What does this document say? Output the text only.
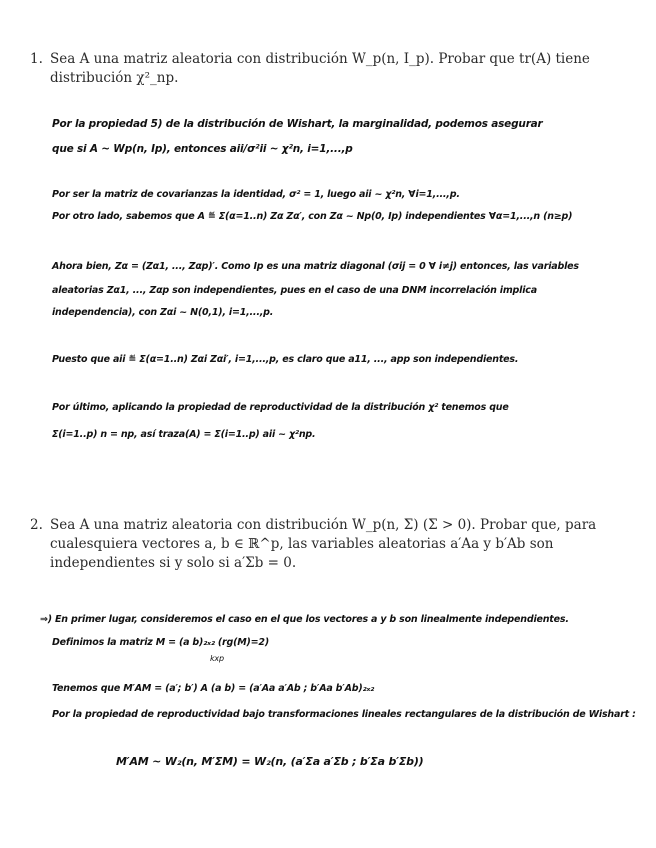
1. Sea A una matriz aleatoria con distribución W_p(n, I_p). Probar que tr(A) tiene distribución χ²_np.
Por la propiedad 5) de la distribución de Wishart, la marginalidad, podemos asegurar
que si A ~ Wp(n, Ip), entonces aii/σ²ii ~ χ²n, i=1,...,p
Por ser la matriz de covarianzas la identidad, σ² = 1, luego aii ~ χ²n, ∀i=1,...,p.
Por otro lado, sabemos que A ≝ Σ(α=1..n) Zα Zα′, con Zα ~ Np(0, Ip) independientes ∀α=1,...,n (n≥p)
Ahora bien, Zα = (Zα1, ..., Zαp)′. Como Ip es una matriz diagonal (σij = 0 ∀ i≠j) entonces, las variables
aleatorias Zα1, ..., Zαp son independientes, pues en el caso de una DNM incorrelación implica
independencia), con Zαi ~ N(0,1), i=1,...,p.
Puesto que aii ≝ Σ(α=1..n) Zαi Zαi′, i=1,...,p, es claro que a11, ..., app son independientes.
Por último, aplicando la propiedad de reproductividad de la distribución χ² tenemos que
Σ(i=1..p) n = np, así traza(A) = Σ(i=1..p) aii ~ χ²np.
2. Sea A una matriz aleatoria con distribución W_p(n, Σ) (Σ > 0). Probar que, para cualesquiera vectores a, b ∈ ℝ^p, las variables aleatorias a′Aa y b′Ab son independientes si y solo si a′Σb = 0.
⇒) En primer lugar, consideremos el caso en el que los vectores a y b son linealmente independientes.
Definimos la matriz M = (a b)₂ₓ₂ (rg(M)=2)
kxp
Tenemos que M′AM = (a′; b′) A (a b) = (a′Aa a′Ab ; b′Aa b′Ab)₂ₓ₂
Por la propiedad de reproductividad bajo transformaciones lineales rectangulares de la distribución de Wishart :
M′AM ~ W₂(n, M′ΣM) = W₂(n, (a′Σa a′Σb ; b′Σa b′Σb))
